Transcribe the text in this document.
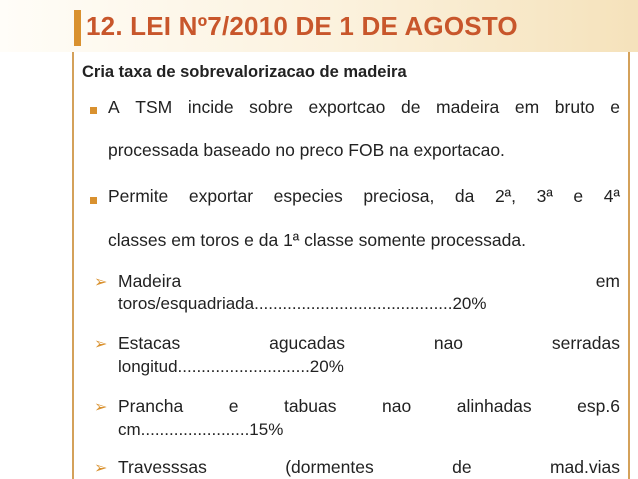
12. LEI Nº7/2010 DE 1 DE AGOSTO
Cria taxa de sobrevalorizacao de madeira
A TSM incide sobre exportcao de madeira em bruto e
processada baseado no preco FOB na exportacao.
Permite exportar especies preciosa, da 2ª, 3ª e 4ª
classes em toros e da 1ª classe somente processada.
➢ Madeira	em
toros/esquadriada..........................................20%
➢ Estacas	agucadas	nao	serradas
longitud............................20%
➢ Prancha	e	tabuas	nao	alinhadas	esp.6
cm.......................15%
➢ Travesssas	(dormentes	de	mad.vias
